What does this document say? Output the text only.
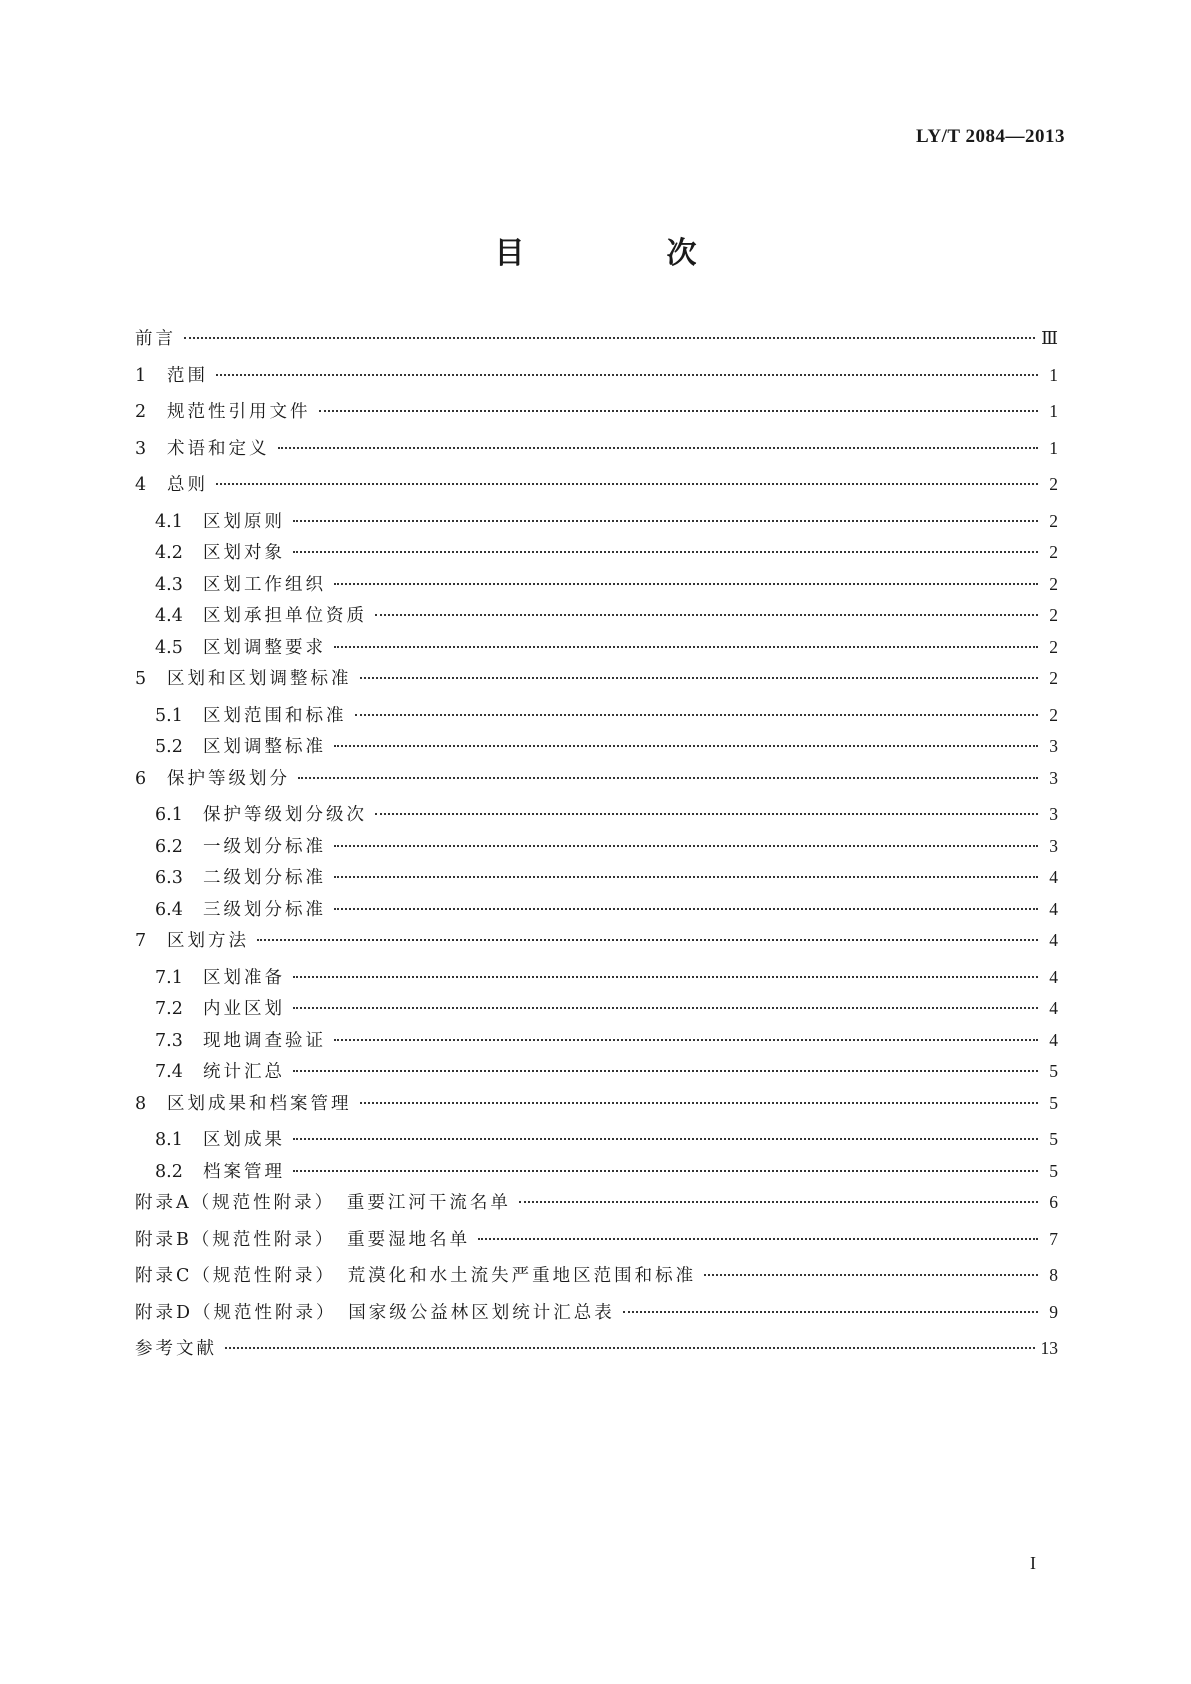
LY/T 2084—2013
目　次
前言	Ⅲ
1	范围	1
2	规范性引用文件	1
3	术语和定义	1
4	总则	2
4.1	区划原则	2
4.2	区划对象	2
4.3	区划工作组织	2
4.4	区划承担单位资质	2
4.5	区划调整要求	2
5	区划和区划调整标准	2
5.1	区划范围和标准	2
5.2	区划调整标准	3
6	保护等级划分	3
6.1	保护等级划分级次	3
6.2	一级划分标准	3
6.3	二级划分标准	4
6.4	三级划分标准	4
7	区划方法	4
7.1	区划准备	4
7.2	内业区划	4
7.3	现地调查验证	4
7.4	统计汇总	5
8	区划成果和档案管理	5
8.1	区划成果	5
8.2	档案管理	5
附录A（规范性附录）　重要江河干流名单	6
附录B（规范性附录）　重要湿地名单	7
附录C（规范性附录）　荒漠化和水土流失严重地区范围和标准	8
附录D（规范性附录）　国家级公益林区划统计汇总表	9
参考文献	13
I
